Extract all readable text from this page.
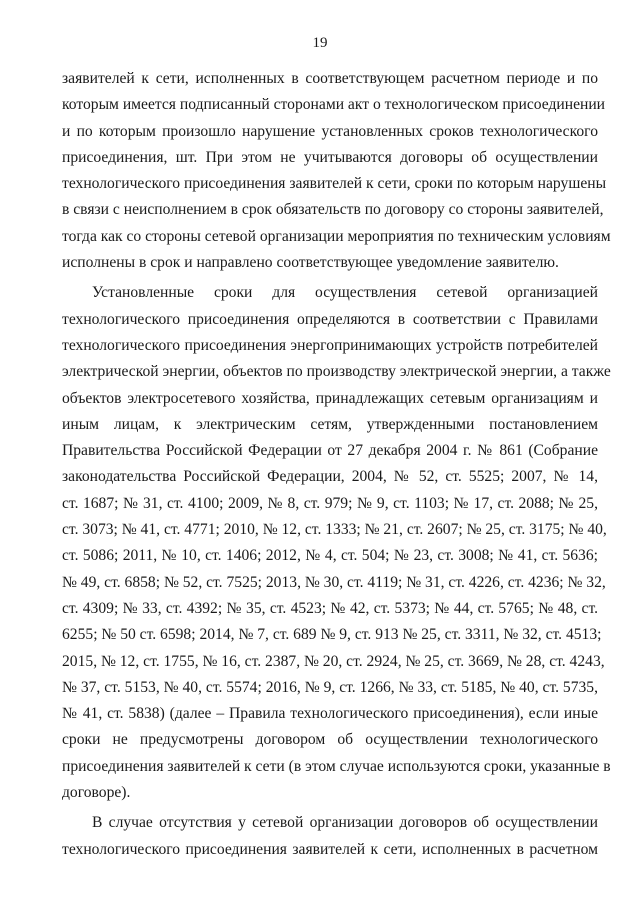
19
заявителей к сети, исполненных в соответствующем расчетном периоде и по
которым имеется подписанный сторонами акт о технологическом присоединении
и по которым произошло нарушение установленных сроков технологического
присоединения, шт. При этом не учитываются договоры об осуществлении
технологического присоединения заявителей к сети, сроки по которым нарушены
в связи с неисполнением в срок обязательств по договору со стороны заявителей,
тогда как со стороны сетевой организации мероприятия по техническим условиям
исполнены в срок и направлено соответствующее уведомление заявителю.
Установленные сроки для осуществления сетевой организацией
технологического присоединения определяются в соответствии с Правилами
технологического присоединения энергопринимающих устройств потребителей
электрической энергии, объектов по производству электрической энергии, а также
объектов электросетевого хозяйства, принадлежащих сетевым организациям и
иным лицам, к электрическим сетям, утвержденными постановлением
Правительства Российской Федерации от 27 декабря 2004 г. № 861 (Собрание
законодательства Российской Федерации, 2004, № 52, ст. 5525; 2007, № 14,
ст. 1687; № 31, ст. 4100; 2009, № 8, ст. 979; № 9, ст. 1103; № 17, ст. 2088; № 25,
ст. 3073; № 41, ст. 4771; 2010, № 12, ст. 1333; № 21, ст. 2607; № 25, ст. 3175; № 40,
ст. 5086; 2011, № 10, ст. 1406; 2012, № 4, ст. 504; № 23, ст. 3008; № 41, ст. 5636;
№ 49, ст. 6858; № 52, ст. 7525; 2013, № 30, ст. 4119; № 31, ст. 4226, ст. 4236; № 32,
ст. 4309; № 33, ст. 4392; № 35, ст. 4523; № 42, ст. 5373; № 44, ст. 5765; № 48, ст.
6255; № 50 ст. 6598; 2014, № 7, ст. 689 № 9, ст. 913 № 25, ст. 3311, № 32, ст. 4513;
2015, № 12, ст. 1755, № 16, ст. 2387, № 20, ст. 2924, № 25, ст. 3669, № 28, ст. 4243,
№ 37, ст. 5153, № 40, ст. 5574; 2016, № 9, ст. 1266, № 33, ст. 5185, № 40, ст. 5735,
№ 41, ст. 5838) (далее – Правила технологического присоединения), если иные
сроки не предусмотрены договором об осуществлении технологического
присоединения заявителей к сети (в этом случае используются сроки, указанные в
договоре).
В случае отсутствия у сетевой организации договоров об осуществлении
технологического присоединения заявителей к сети, исполненных в расчетном
